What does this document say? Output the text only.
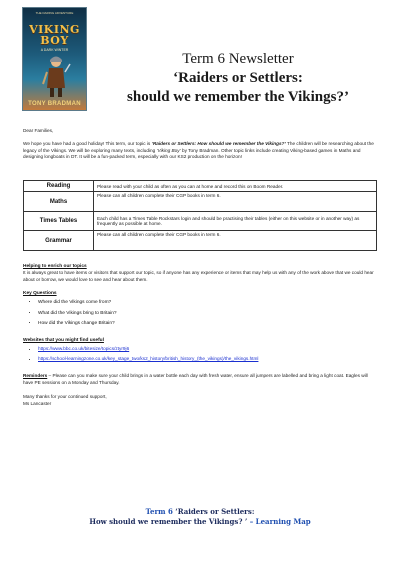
THE DARING ADVENTURE
VIKING
BOY
A DARK WINTER
TONY BRADMAN
Term 6 Newsletter
‘Raiders or Settlers:
should we remember the Vikings?’
Dear Families,
We hope you have had a good holiday! This term, our topic is ‘Raiders or Settlers: How should we remember the Vikings?’ The children will be researching about the legacy of the Vikings. We will be exploring many texts, including ‘Viking Boy’ by Tony Bradman. Other topic links include creating Viking-based games in Maths and designing longboats in DT. It will be a fun-packed term, especially with our KS2 production on the horizon!
Reading	Please read with your child as often as you can at home and record this on Boom Reader.
Maths	Please can all children complete their CGP books in term 6.
Times Tables	Each child has a Times Table Rockstars login and should be practising their tables (either on this website or in another way) as frequently as possible at home.
Grammar	Please can all children complete their CGP books in term 6.
Helping to enrich our topics
It is always great to have items or visitors that support our topic, so if anyone has any experience or items that may help us with any of the work above that we could hear about or borrow, we would love to see and hear about them.
Key Questions
• Where did the Vikings come from?
• What did the Vikings bring to Britain?
• How did the Vikings change Britain?
Websites that you might find useful
• https://www.bbc.co.uk/bitesize/topics/ztyr9j6
• https://school-learningzone.co.uk/key_stage_two/ks2_history/british_history_(the_vikings)/the_vikings.html
Reminders – Please can you make sure your child brings in a water bottle each day with fresh water, ensure all jumpers are labelled and bring a light coat. Eagles will have PE sessions on a Monday and Thursday.
Many thanks for your continued support,
Ms Lancaster
Term 6 ‘Raiders or Settlers:
How should we remember the Vikings? ’ – Learning Map
